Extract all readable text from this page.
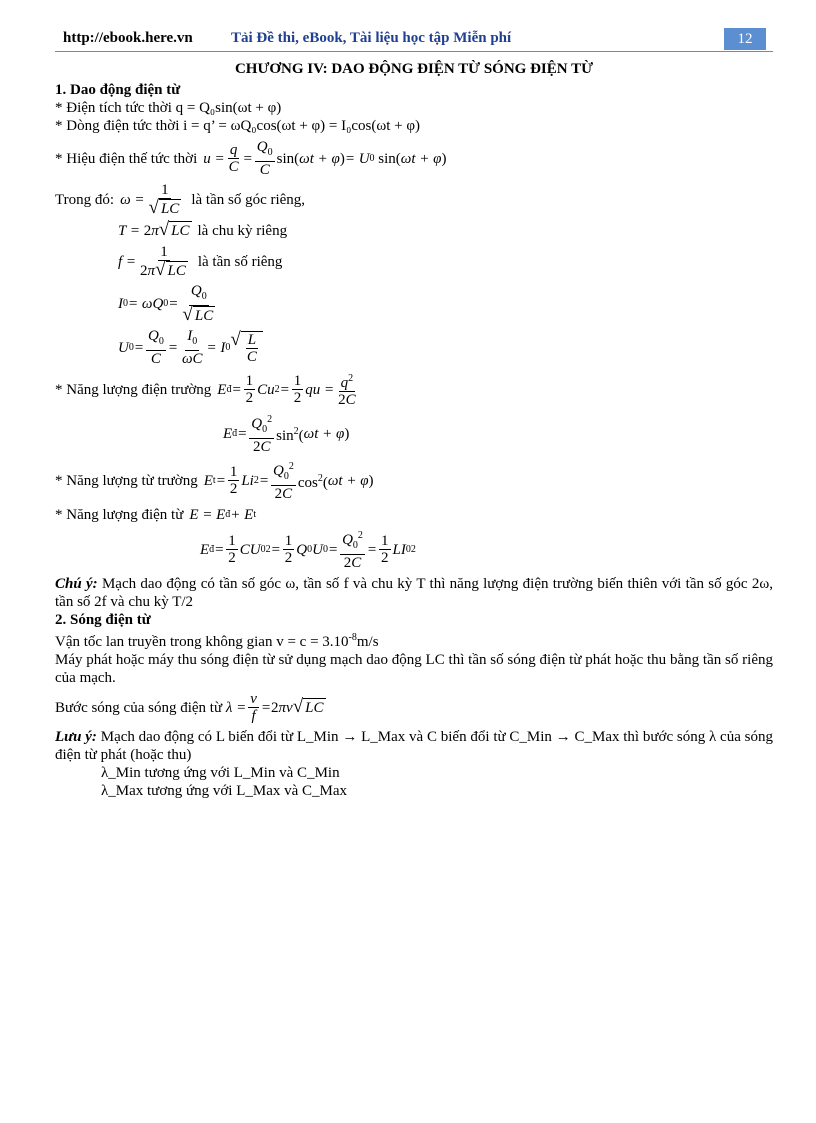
http://ebook.here.vn	Tải Đề thi, eBook, Tài liệu học tập Miễn phí	12
CHƯƠNG IV: DAO ĐỘNG ĐIỆN TỪ SÓNG ĐIỆN TỪ
1. Dao động điện từ
* Điện tích tức thời q = Q₀sin(ωt + φ)
* Dòng điện tức thời i = q’ = ωQ₀cos(ωt + φ) = I₀cos(ωt + φ)
* Hiệu điện thế tức thời u =
q
C
=
$Q_0$
C
sin( ωt + φ ) = U 0
sin( ωt + φ )
Trong đó: ω =
1
√ LC
là tần số góc riêng,
T = 2 π √ LC là chu kỳ riêng
f =
1
2π √ LC
là tần số riêng
I 0 = ωQ 0 =
$Q_0$
√ LC
U 0 =
$Q_0$
C
=
$I_0$
ωC
= I 0 √ L
C
* Năng lượng điện trường E đ =
1
2
Cu 2 =
1
2
qu = $q^2$
2C
E đ =
$Q_0^2$
2C
$\sin^2$( ωt + φ )
* Năng lượng từ trường E t =
1
2
Li 2 =
$Q_0^2$
2C
$\cos^2$( ωt + φ )
* Năng lượng điện từ E = E đ + E t
E đ =
1
2
CU 0 2 =
1
2
Q 0 U 0 =
$Q_0^2$
2C
=
1
2
LI 0 2
Chú ý: Mạch dao động có tần số góc ω, tần số f và chu kỳ T thì năng lượng điện trường biến thiên với tần số góc 2ω, tần số 2f và chu kỳ T/2
2. Sóng điện từ
Vận tốc lan truyền trong không gian $v = c = 3.10^{-8}m/s$
Máy phát hoặc máy thu sóng điện từ sử dụng mạch dao động LC thì tần số sóng điện từ phát hoặc thu bằng tần số riêng của mạch.
Bước sóng của sóng điện từ λ =
v
f
= 2 πv √ LC
Lưu ý: Mạch dao động có L biến đổi từ L_Min → L_Max và C biến đổi từ C_Min → C_Max thì bước sóng λ của sóng điện từ phát (hoặc thu)
λ_Min tương ứng với L_Min và C_Min
λ_Max tương ứng với L_Max và C_Max
